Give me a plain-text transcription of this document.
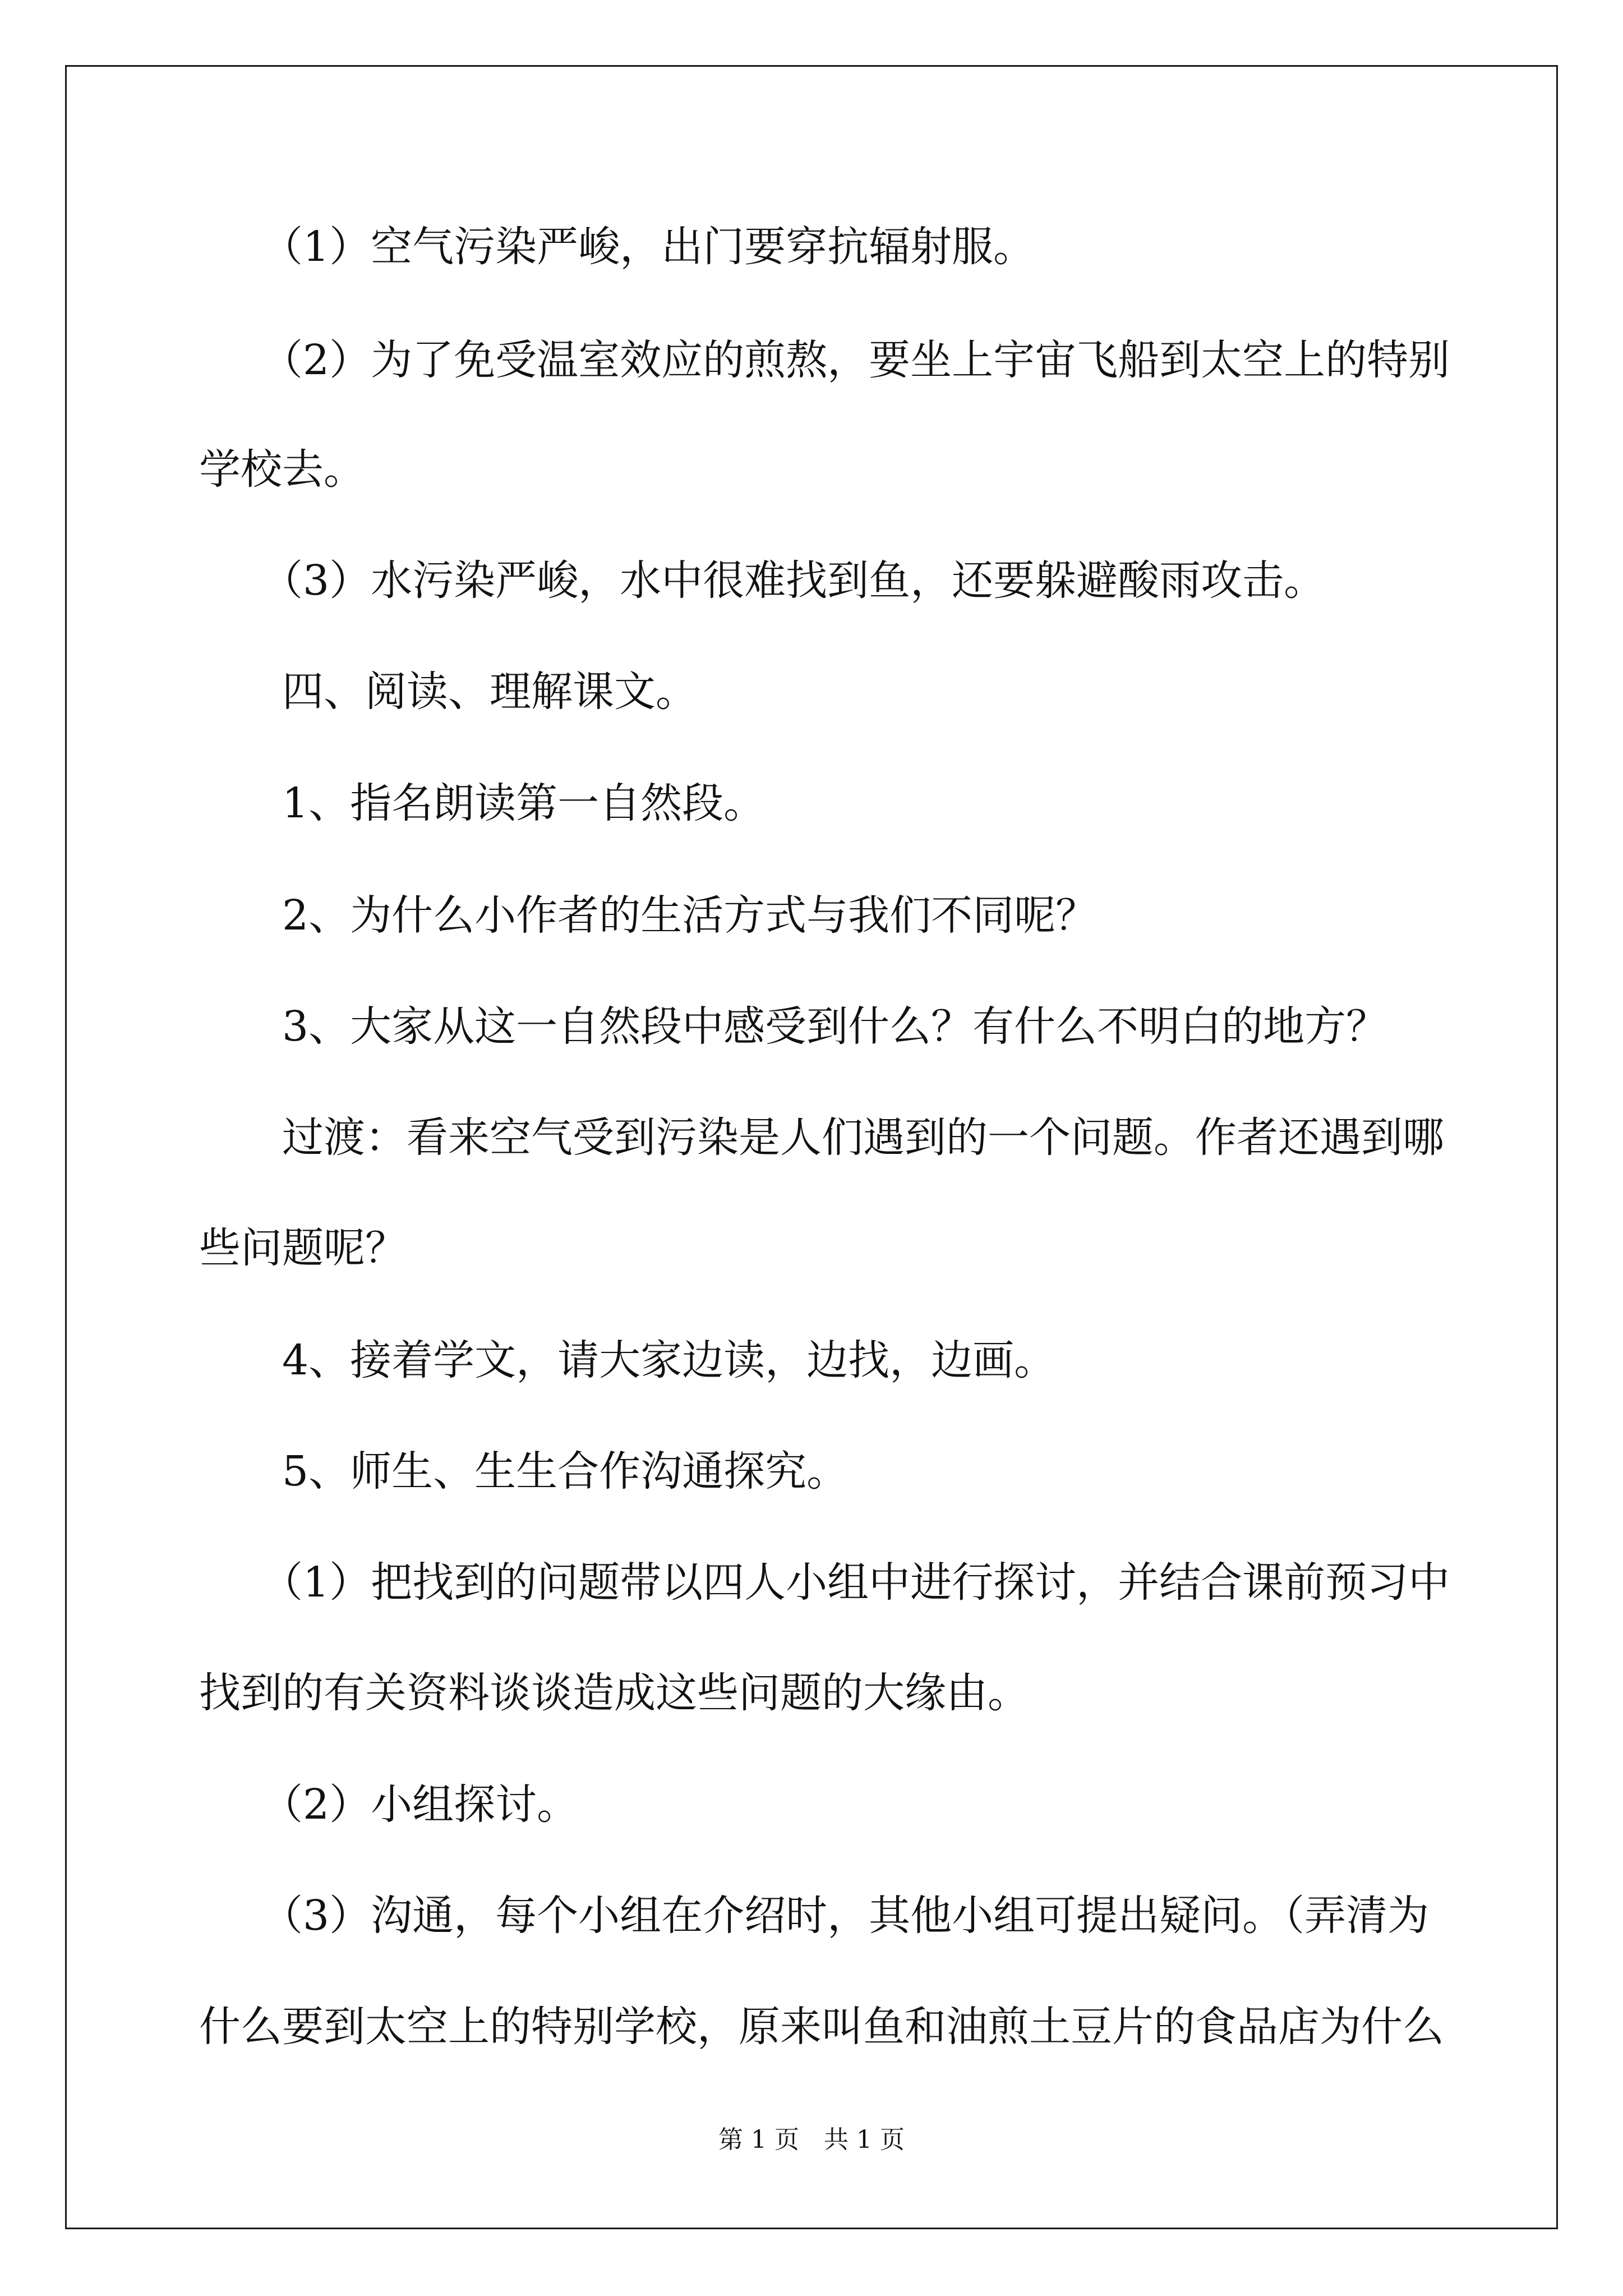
　　（1）空气污染严峻，出门要穿抗辐射服。

　　（2）为了免受温室效应的煎熬，要坐上宇宙飞船到太空上的特别

学校去。

　　（3）水污染严峻，水中很难找到鱼，还要躲避酸雨攻击。

　　四、阅读、理解课文。

　　1、指名朗读第一自然段。

　　2、为什么小作者的生活方式与我们不同呢？

　　3、大家从这一自然段中感受到什么？有什么不明白的地方？

　　过渡：看来空气受到污染是人们遇到的一个问题。作者还遇到哪

些问题呢？

　　4、接着学文，请大家边读，边找，边画。

　　5、师生、生生合作沟通探究。

　　（1）把找到的问题带以四人小组中进行探讨，并结合课前预习中

找到的有关资料谈谈造成这些问题的大缘由。

　　（2）小组探讨。

　　（3）沟通，每个小组在介绍时，其他小组可提出疑问。（弄清为

什么要到太空上的特别学校，原来叫鱼和油煎土豆片的食品店为什么

第 1 页 共 1 页
